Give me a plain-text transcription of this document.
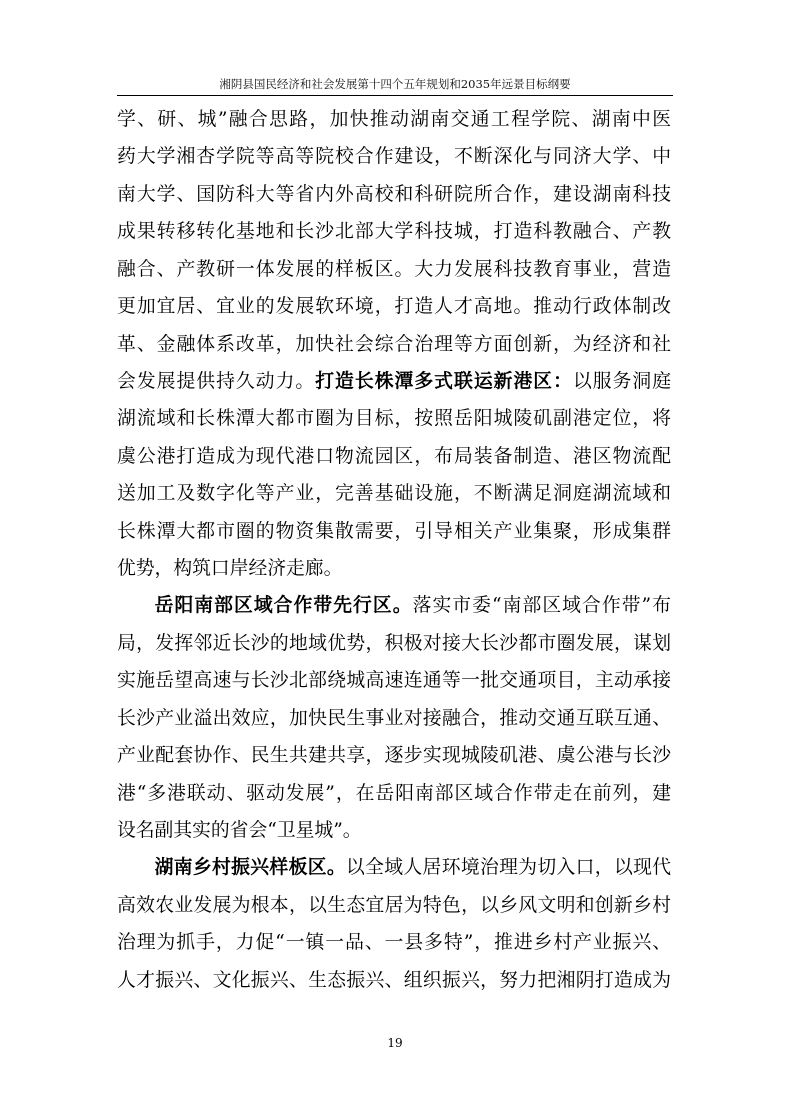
湘阴县国民经济和社会发展第十四个五年规划和2035年远景目标纲要
学、研、城”融合思路，加快推动湖南交通工程学院、湖南中医
药大学湘杏学院等高等院校合作建设，不断深化与同济大学、中
南大学、国防科大等省内外高校和科研院所合作，建设湖南科技
成果转移转化基地和长沙北部大学科技城，打造科教融合、产教
融合、产教研一体发展的样板区。大力发展科技教育事业，营造
更加宜居、宜业的发展软环境，打造人才高地。推动行政体制改
革、金融体系改革，加快社会综合治理等方面创新，为经济和社
会发展提供持久动力。打造长株潭多式联运新港区：以服务洞庭
湖流域和长株潭大都市圈为目标，按照岳阳城陵矶副港定位，将
虞公港打造成为现代港口物流园区，布局装备制造、港区物流配
送加工及数字化等产业，完善基础设施，不断满足洞庭湖流域和
长株潭大都市圈的物资集散需要，引导相关产业集聚，形成集群
优势，构筑口岸经济走廊。
岳阳南部区域合作带先行区。落实市委“南部区域合作带”布
局，发挥邻近长沙的地域优势，积极对接大长沙都市圈发展，谋划
实施岳望高速与长沙北部绕城高速连通等一批交通项目，主动承接
长沙产业溢出效应，加快民生事业对接融合，推动交通互联互通、
产业配套协作、民生共建共享，逐步实现城陵矶港、虞公港与长沙
港“多港联动、驱动发展”，在岳阳南部区域合作带走在前列，建
设名副其实的省会“卫星城”。
湖南乡村振兴样板区。以全域人居环境治理为切入口，以现代
高效农业发展为根本，以生态宜居为特色，以乡风文明和创新乡村
治理为抓手，力促“一镇一品、一县多特”，推进乡村产业振兴、
人才振兴、文化振兴、生态振兴、组织振兴，努力把湘阴打造成为
19
